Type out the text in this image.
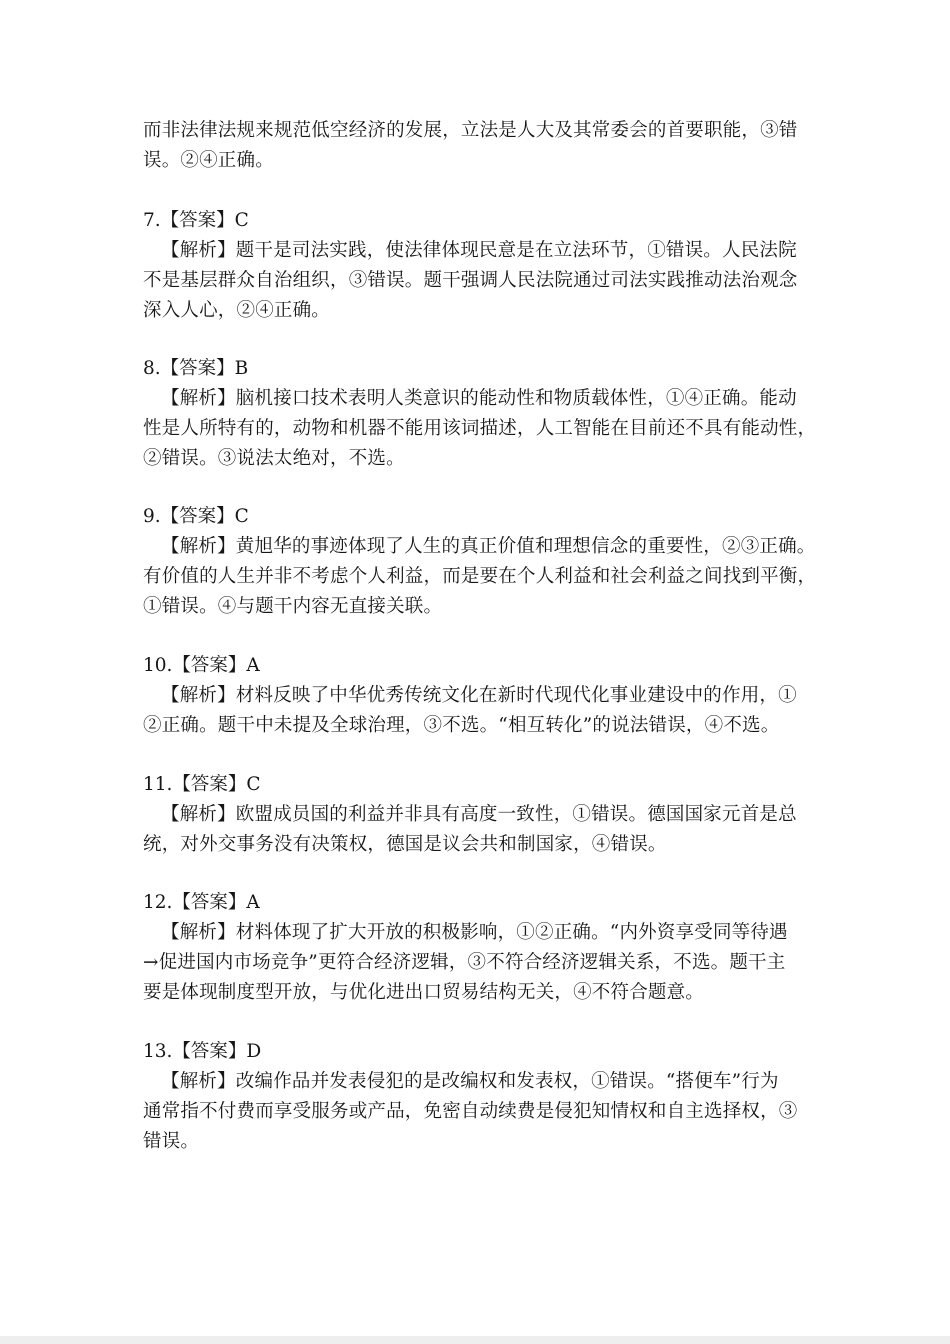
而非法律法规来规范低空经济的发展，立法是人大及其常委会的首要职能，③错
误。②④正确。
7.【答案】C
【解析】题干是司法实践，使法律体现民意是在立法环节，①错误。人民法院
不是基层群众自治组织，③错误。题干强调人民法院通过司法实践推动法治观念
深入人心，②④正确。
8.【答案】B
【解析】脑机接口技术表明人类意识的能动性和物质载体性，①④正确。能动
性是人所特有的，动物和机器不能用该词描述，人工智能在目前还不具有能动性，
②错误。③说法太绝对，不选。
9.【答案】C
【解析】黄旭华的事迹体现了人生的真正价值和理想信念的重要性，②③正确。
有价值的人生并非不考虑个人利益，而是要在个人利益和社会利益之间找到平衡，
①错误。④与题干内容无直接关联。
10.【答案】A
【解析】材料反映了中华优秀传统文化在新时代现代化事业建设中的作用，①
②正确。题干中未提及全球治理，③不选。“相互转化”的说法错误，④不选。
11.【答案】C
【解析】欧盟成员国的利益并非具有高度一致性，①错误。德国国家元首是总
统，对外交事务没有决策权，德国是议会共和制国家，④错误。
12.【答案】A
【解析】材料体现了扩大开放的积极影响，①②正确。“内外资享受同等待遇
→促进国内市场竞争”更符合经济逻辑，③不符合经济逻辑关系，不选。题干主
要是体现制度型开放，与优化进出口贸易结构无关，④不符合题意。
13.【答案】D
【解析】改编作品并发表侵犯的是改编权和发表权，①错误。“搭便车”行为
通常指不付费而享受服务或产品，免密自动续费是侵犯知情权和自主选择权，③
错误。
